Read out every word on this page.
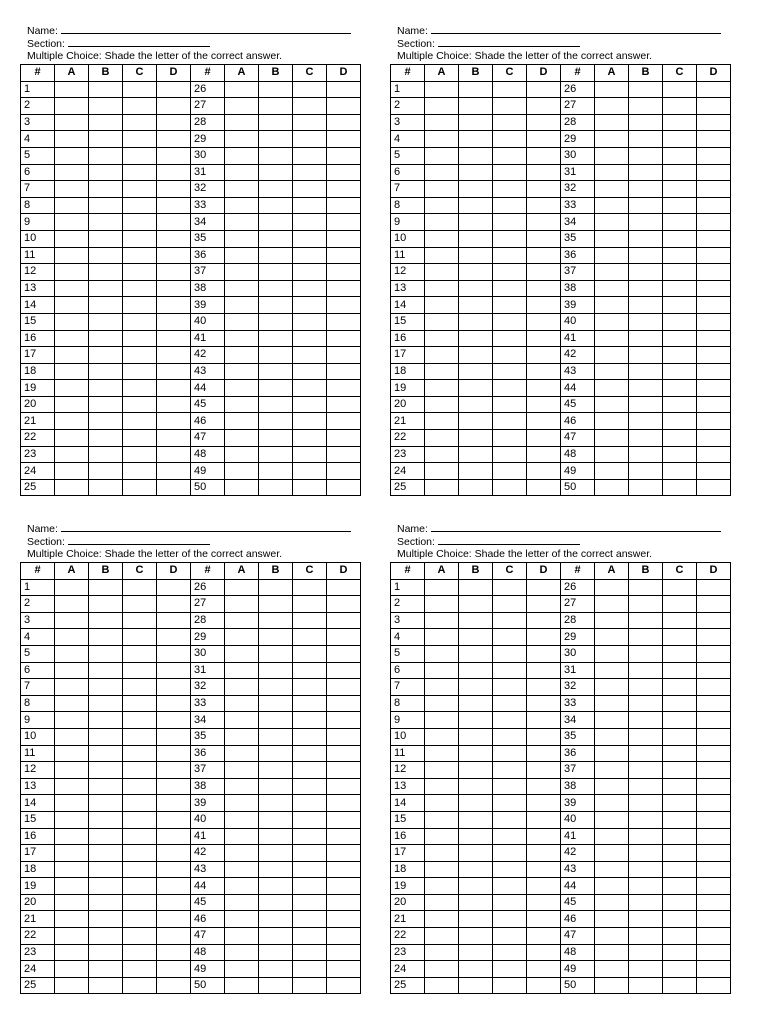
Name:
Section:
Multiple Choice: Shade the letter of the correct answer.
#	A	B	C	D	#	A	B	C	D
1					26				
2					27				
3					28				
4					29				
5					30				
6					31				
7					32				
8					33				
9					34				
10					35				
11					36				
12					37				
13					38				
14					39				
15					40				
16					41				
17					42				
18					43				
19					44				
20					45				
21					46				
22					47				
23					48				
24					49				
25					50				
Name:
Section:
Multiple Choice: Shade the letter of the correct answer.
#	A	B	C	D	#	A	B	C	D
1					26				
2					27				
3					28				
4					29				
5					30				
6					31				
7					32				
8					33				
9					34				
10					35				
11					36				
12					37				
13					38				
14					39				
15					40				
16					41				
17					42				
18					43				
19					44				
20					45				
21					46				
22					47				
23					48				
24					49				
25					50				
Name:
Section:
Multiple Choice: Shade the letter of the correct answer.
#	A	B	C	D	#	A	B	C	D
1					26				
2					27				
3					28				
4					29				
5					30				
6					31				
7					32				
8					33				
9					34				
10					35				
11					36				
12					37				
13					38				
14					39				
15					40				
16					41				
17					42				
18					43				
19					44				
20					45				
21					46				
22					47				
23					48				
24					49				
25					50				
Name:
Section:
Multiple Choice: Shade the letter of the correct answer.
#	A	B	C	D	#	A	B	C	D
1					26				
2					27				
3					28				
4					29				
5					30				
6					31				
7					32				
8					33				
9					34				
10					35				
11					36				
12					37				
13					38				
14					39				
15					40				
16					41				
17					42				
18					43				
19					44				
20					45				
21					46				
22					47				
23					48				
24					49				
25					50				
